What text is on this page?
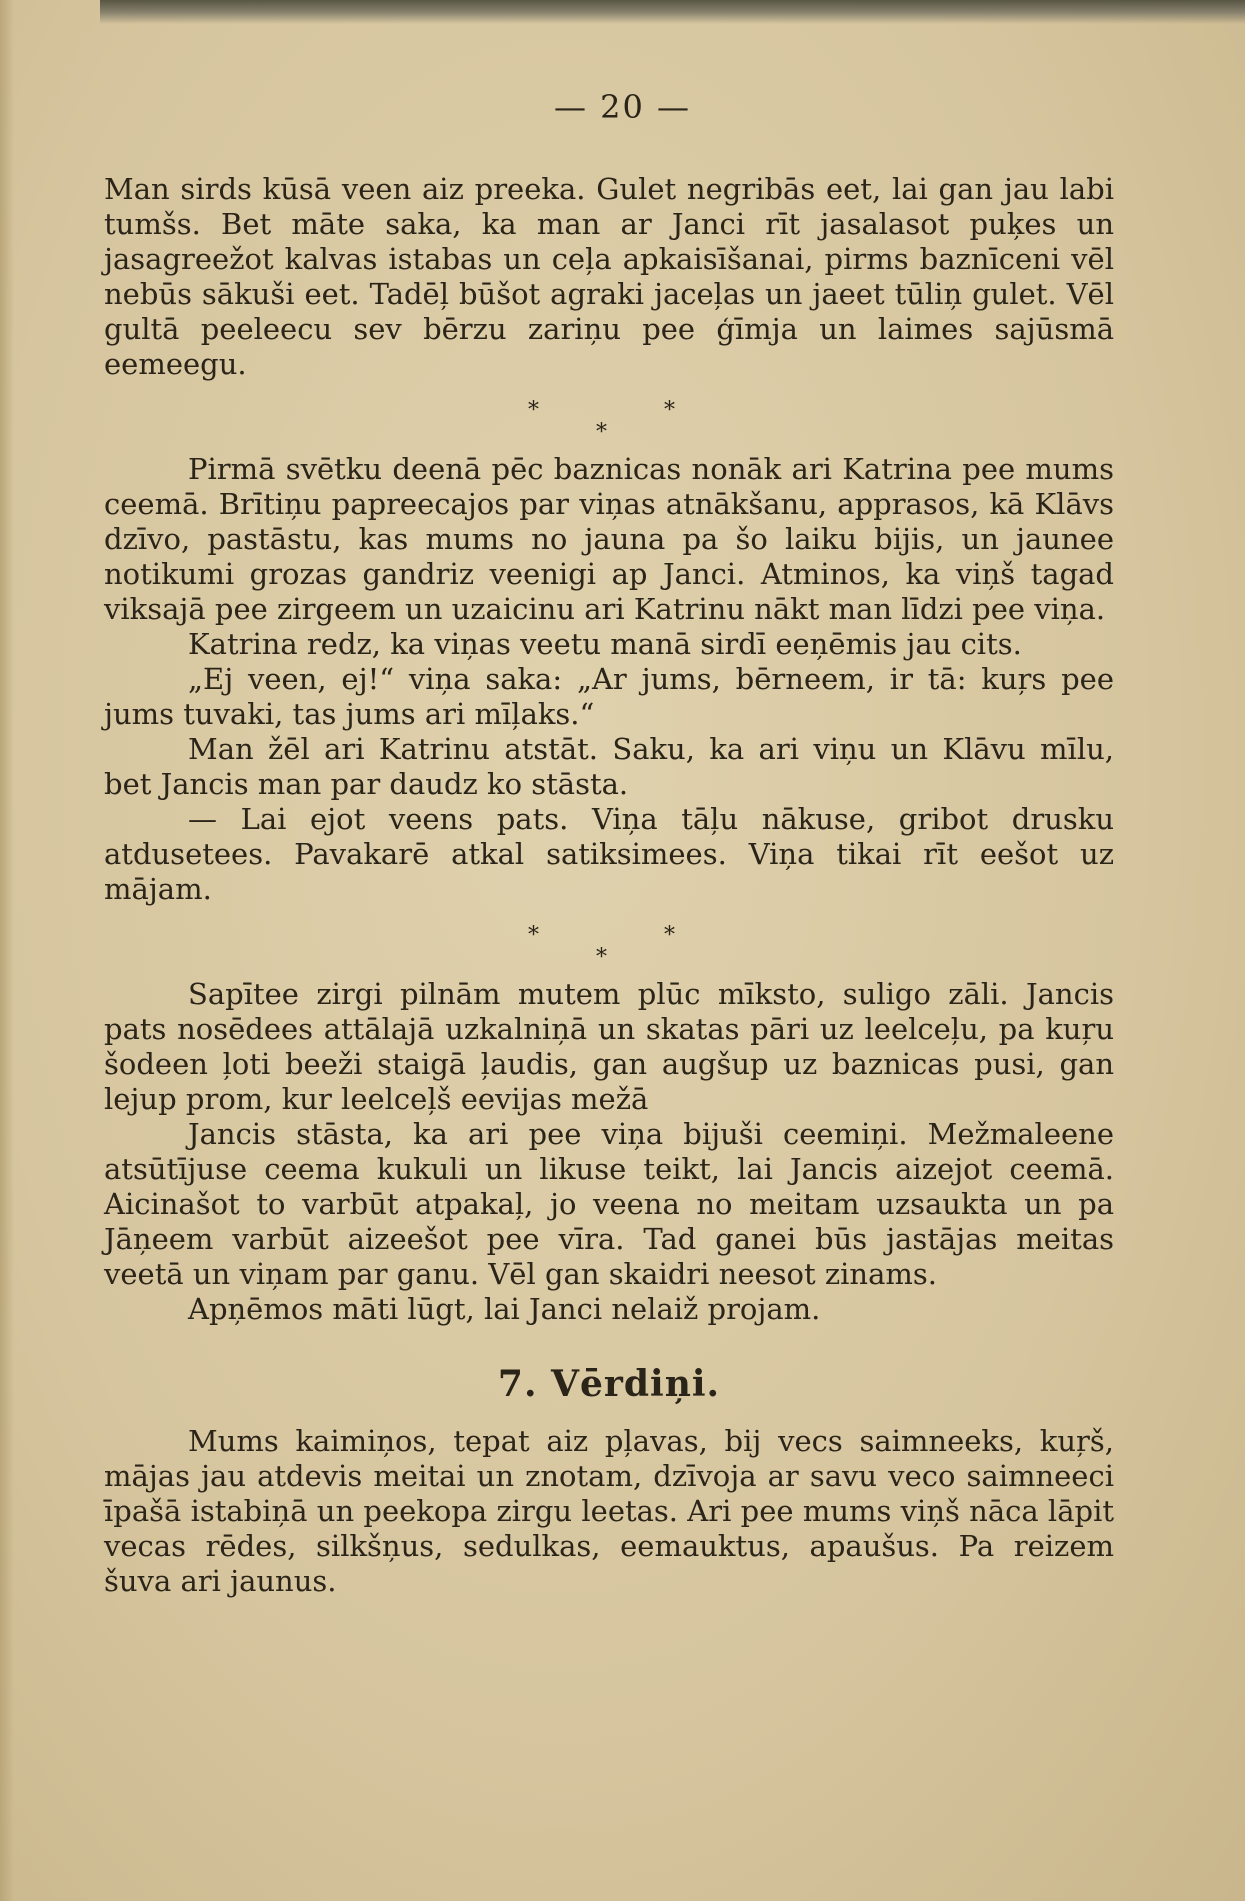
— 20 —

Man sirds kūsā veen aiz preeka. Gulet negribās eet, lai gan jau labi tumšs. Bet māte saka, ka man ar Janci rīt jasalasot puķes un jasagreežot kalvas istabas un ceļa apkaisīšanai, pirms baznīceni vēl nebūs sākuši eet. Tadēļ būšot agraki jaceļas un jaeet tūliņ gulet. Vēl gultā peeleecu sev bērzu zariņu pee ģīmja un laimes sajūsmā eemeegu.

*	*
*

Pirmā svētku deenā pēc baznicas nonāk ari Katrina pee mums ceemā. Brītiņu papreecajos par viņas atnākšanu, apprasos, kā Klāvs dzīvo, pastāstu, kas mums no jauna pa šo laiku bijis, un jaunee notikumi grozas gandriz veenigi ap Janci. Atminos, ka viņš tagad viksajā pee zirgeem un uzaicinu ari Katrinu nākt man līdzi pee viņa.

Katrina redz, ka viņas veetu manā sirdī eeņēmis jau cits.

„Ej veen, ej!“ viņa saka: „Ar jums, bērneem, ir tā: kuŗs pee jums tuvaki, tas jums ari mīļaks.“

Man žēl ari Katrinu atstāt. Saku, ka ari viņu un Klāvu mīlu, bet Jancis man par daudz ko stāsta.

— Lai ejot veens pats. Viņa tāļu nākuse, gribot drusku atdusetees. Pavakarē atkal satiksimees. Viņa tikai rīt eešot uz mājam.

*	*
*

Sapītee zirgi pilnām mutem plūc mīksto, suligo zāli. Jancis pats nosēdees attālajā uzkalniņā un skatas pāri uz leelceļu, pa kuŗu šodeen ļoti beeži staigā ļaudis, gan augšup uz baznicas pusi, gan lejup prom, kur leelceļš eevijas mežā

Jancis stāsta, ka ari pee viņa bijuši ceemiņi. Mežmaleene atsūtījuse ceema kukuli un likuse teikt, lai Jancis aizejot ceemā. Aicinašot to varbūt atpakaļ, jo veena no meitam uzsaukta un pa Jāņeem varbūt aizeešot pee vīra. Tad ganei būs jastājas meitas veetā un viņam par ganu. Vēl gan skaidri neesot zinams.

Apņēmos māti lūgt, lai Janci nelaiž projam.

7. Vērdiņi.

Mums kaimiņos, tepat aiz pļavas, bij vecs saimneeks, kuŗš, mājas jau atdevis meitai un znotam, dzīvoja ar savu veco saimneeci īpašā istabiņā un peekopa zirgu leetas. Ari pee mums viņš nāca lāpit vecas rēdes, silkšņus, sedulkas, eemauktus, apaušus. Pa reizem šuva ari jaunus.
